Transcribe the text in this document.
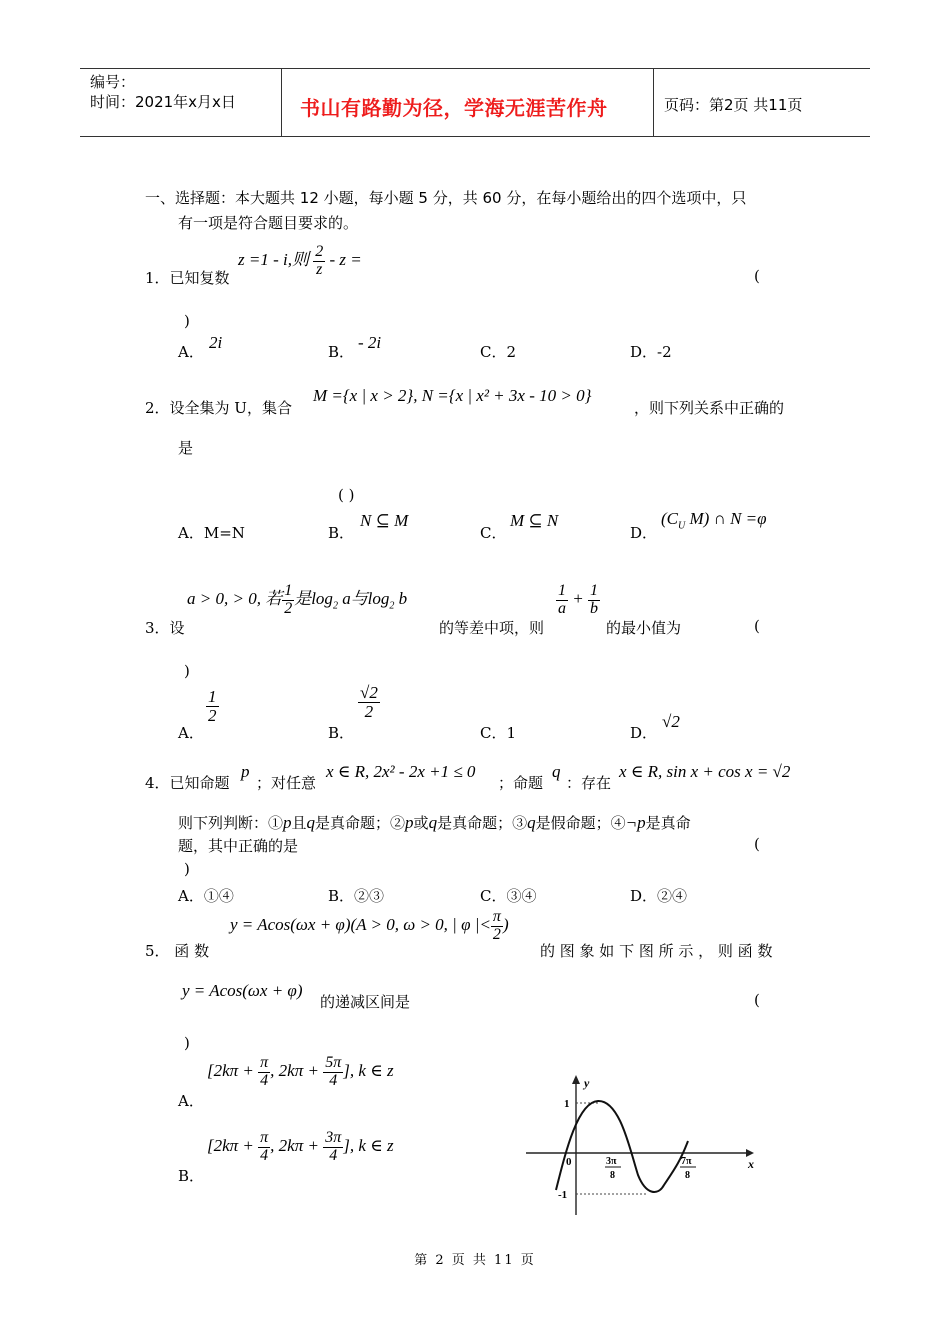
编号：
时间：2021年x月x日	书山有路勤为径，学海无涯苦作舟	页码：第2页 共11页
一、选择题：本大题共 12 小题，每小题 5 分，共 60 分，在每小题给出的四个选项中，只
有一项是符合题目要求的。
1．已知复数
z =1 - i,则 $\frac{2}{z}$ - z =
(
)
A． 2i	B． - 2i	C．2	D．-2
2．设全集为 U，集合
M ={x | x > 2}, N ={x | x² + 3x - 10 > 0}
，则下列关系中正确的
是
( )
A．M=N	B．
N ⊆ M
C．
M ⊆ N
D．
($C_U$ M) ∩ N =φ
3．设
a > 0, > 0, 若 $\frac{1}{2}$ 是$\log_2 a$与$\log_2 b$
的等差中项，则
$\frac{1}{a} + \frac{1}{b}$
的最小值为	(
)
A．
$\frac{1}{2}$
B．
$\frac{√2}{2}$
C．1	D．
√2
4．已知命题
p
；对任意
x ∈ R, 2x² - 2x +1 ≤ 0
；命题
q
：存在
x ∈ R, sin x + cos x = √2
则下列判断：①p且q是真命题；②p或q是真命题；③q是假命题；④¬p是真命
题，其中正确的是	(
)
A．①④	B．②③	C．③④	D．②④
5． 函 数
y = Acos(ωx + φ)(A > 0, ω > 0, | φ |< $\frac{\pi}{2}$ )
的 图 象 如 下 图 所 示 ， 则 函 数
y = Acos(ωx + φ)
的递减区间是	(
)
A．
[$2k\pi + \frac{\pi}{4}$ , $2k\pi + \frac{5\pi}{4}$ ], k ∈ z
B．
[$2k\pi + \frac{\pi}{4}$ , $2k\pi + \frac{3\pi}{4}$ ], k ∈ z
y
x
0
1
-1
3π
8
7π
8
第 2 页 共 11 页
